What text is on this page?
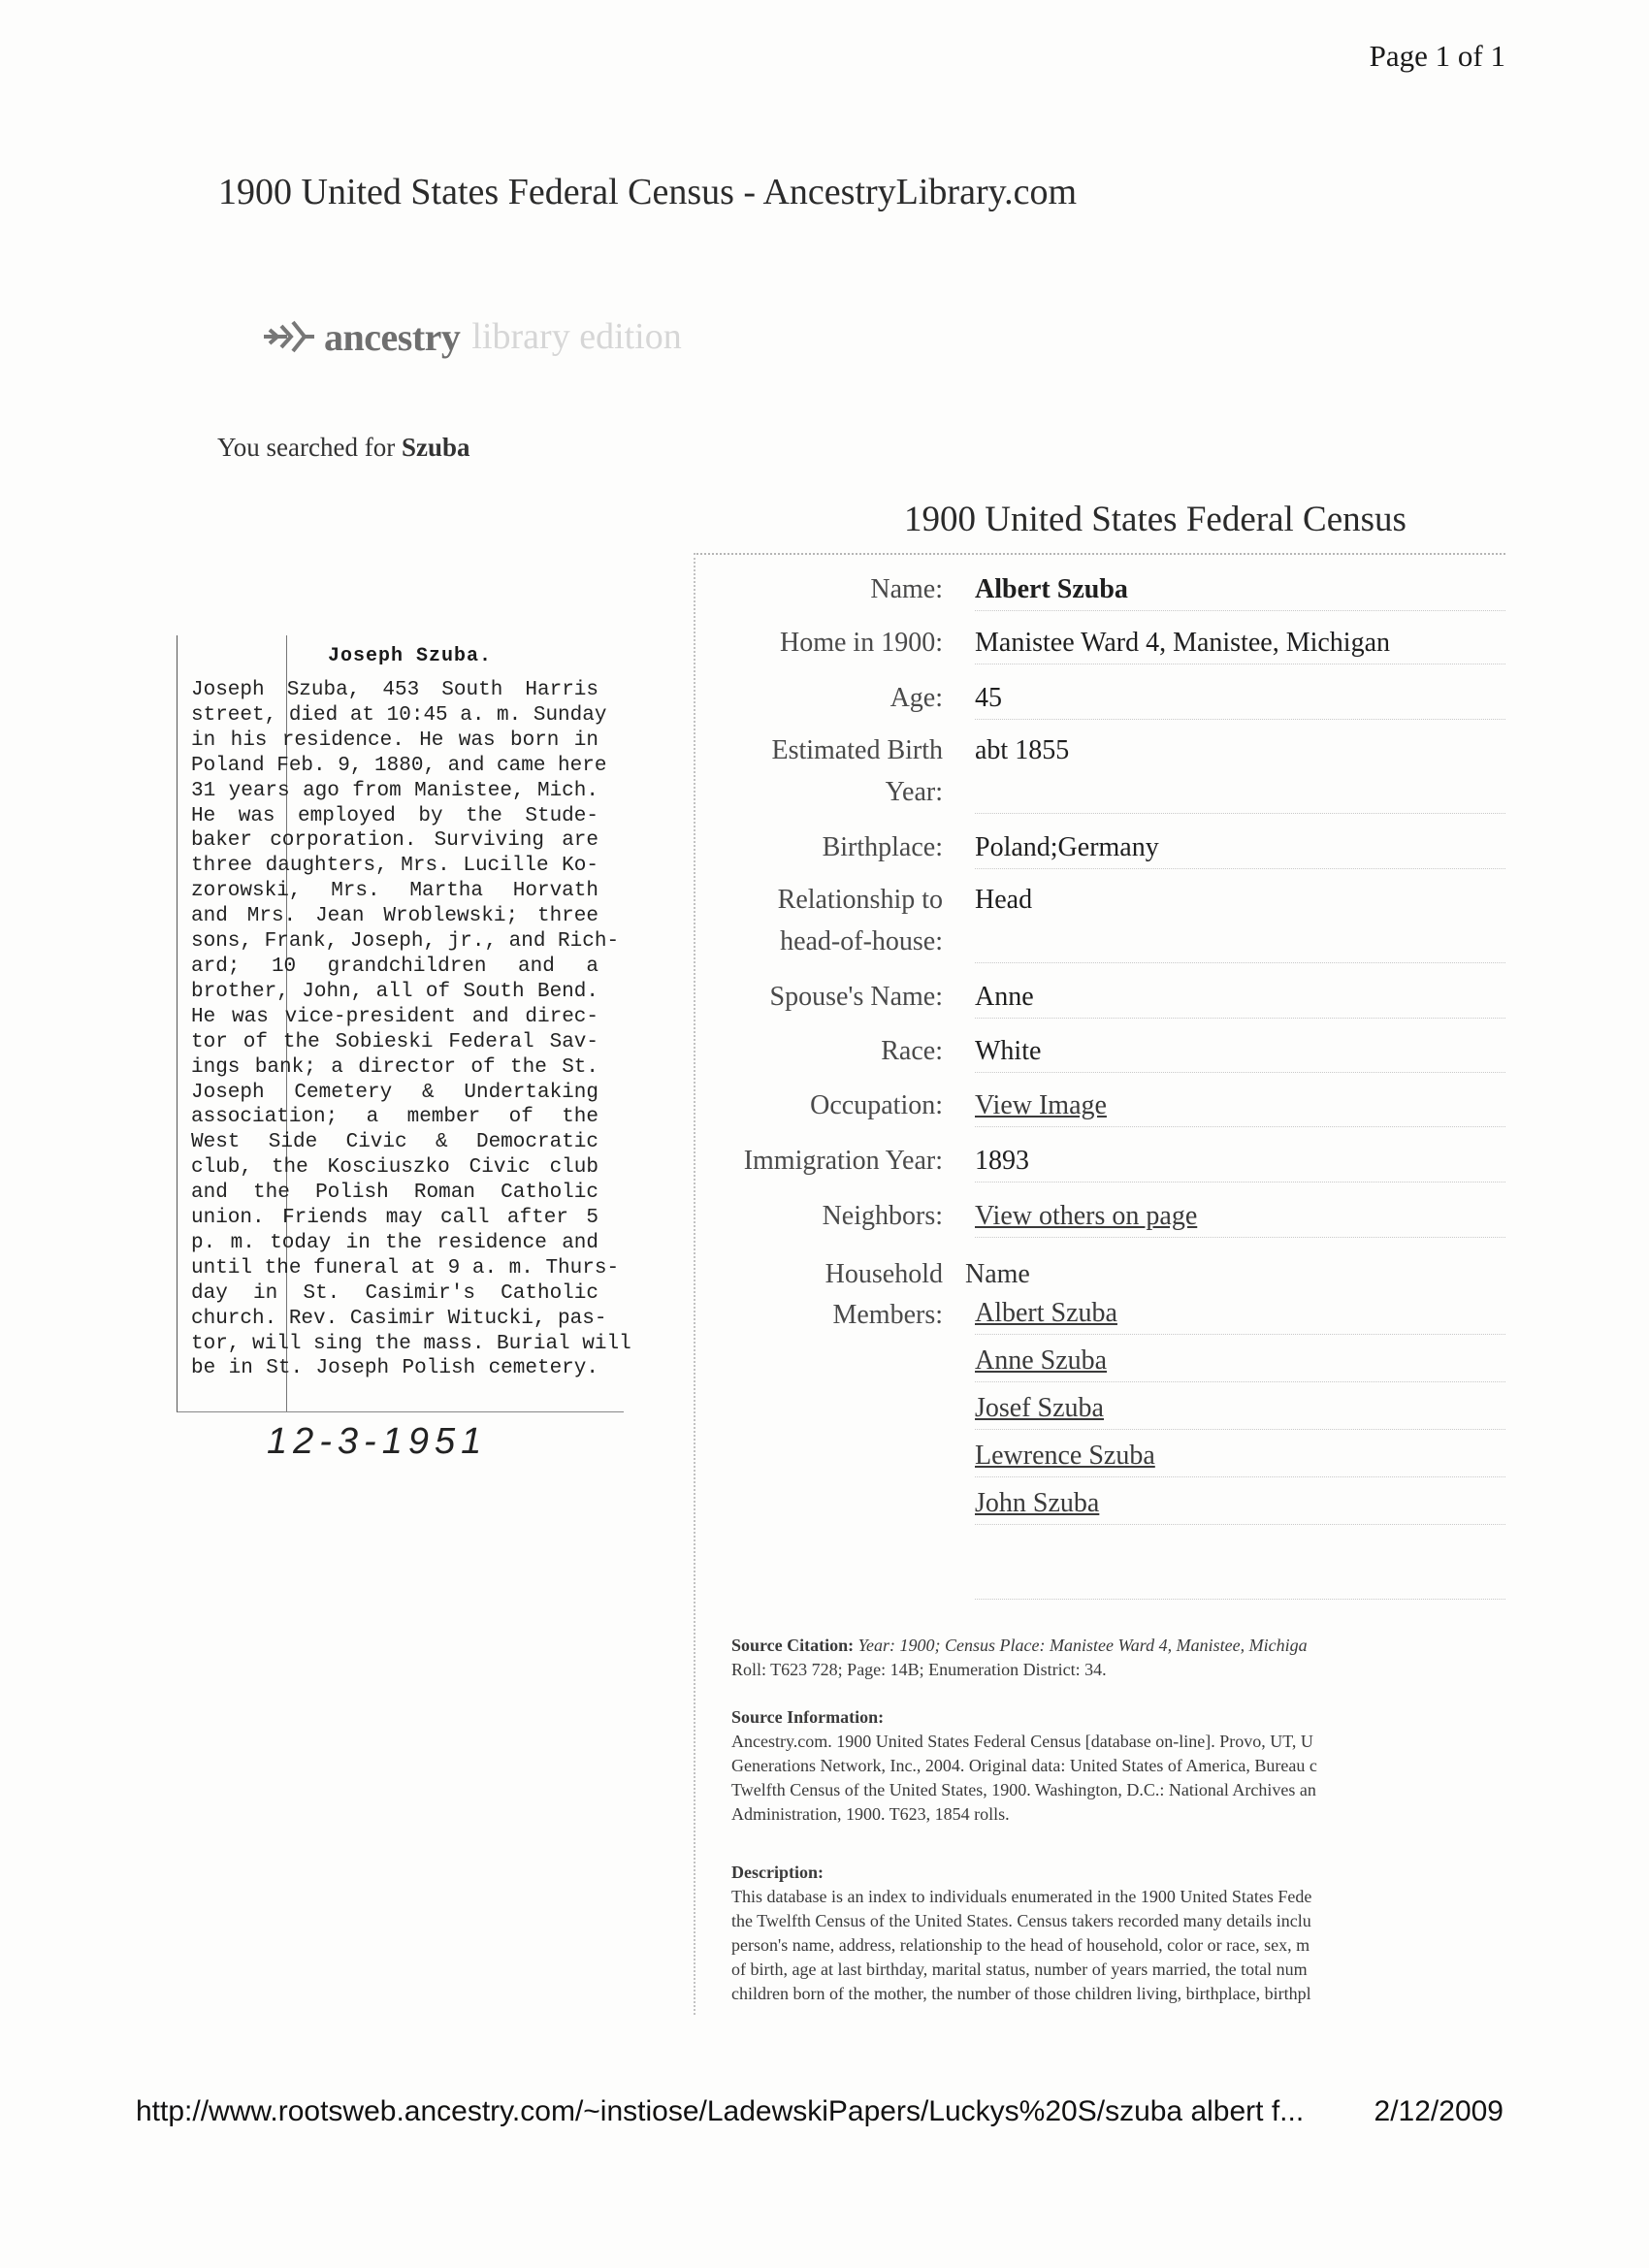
Page 1 of 1
1900 United States Federal Census - AncestryLibrary.com
ancestry library edition
You searched for Szuba
Joseph Szuba.
Joseph Szuba, 453 South Harris
street, died at 10:45 a. m. Sunday
in his residence. He was born in
Poland Feb. 9, 1880, and came here
31 years ago from Manistee, Mich.
He was employed by the Stude-
baker corporation. Surviving are
three daughters, Mrs. Lucille Ko-
zorowski, Mrs. Martha Horvath
and Mrs. Jean Wroblewski; three
sons, Frank, Joseph, jr., and Rich-
ard; 10 grandchildren and a
brother, John, all of South Bend.
He was vice-president and direc-
tor of the Sobieski Federal Sav-
ings bank; a director of the St.
Joseph Cemetery & Undertaking
association; a member of the
West Side Civic & Democratic
club, the Kosciuszko Civic club
and the Polish Roman Catholic
union. Friends may call after 5
p. m. today in the residence and
until the funeral at 9 a. m. Thurs-
day in St. Casimir's Catholic
church. Rev. Casimir Witucki, pas-
tor, will sing the mass. Burial will
be in St. Joseph Polish cemetery.
12-3-1951
1900 United States Federal Census
Name: Albert Szuba
Home in 1900: Manistee Ward 4, Manistee, Michigan
Age: 45
Estimated Birth
Year:
abt 1855
Birthplace: Poland;Germany
Relationship to
head-of-house:
Head
Spouse's Name: Anne
Race: White
Occupation: View Image
Immigration Year: 1893
Neighbors: View others on page
Household
Members:
Name
Albert Szuba
Anne Szuba
Josef Szuba
Lewrence Szuba
John Szuba
Source Citation: Year: 1900; Census Place: Manistee Ward 4, Manistee, Michiga
Roll: T623 728; Page: 14B; Enumeration District: 34.
Source Information:
Ancestry.com. 1900 United States Federal Census [database on-line]. Provo, UT, U
Generations Network, Inc., 2004. Original data: United States of America, Bureau c
Twelfth Census of the United States, 1900. Washington, D.C.: National Archives an
Administration, 1900. T623, 1854 rolls.

Description:
This database is an index to individuals enumerated in the 1900 United States Fede
the Twelfth Census of the United States. Census takers recorded many details inclu
person's name, address, relationship to the head of household, color or race, sex, m
of birth, age at last birthday, marital status, number of years married, the total num
children born of the mother, the number of those children living, birthplace, birthpl

http://www.rootsweb.ancestry.com/~instiose/LadewskiPapers/Luckys%20S/szuba albert f... 2/12/2009
